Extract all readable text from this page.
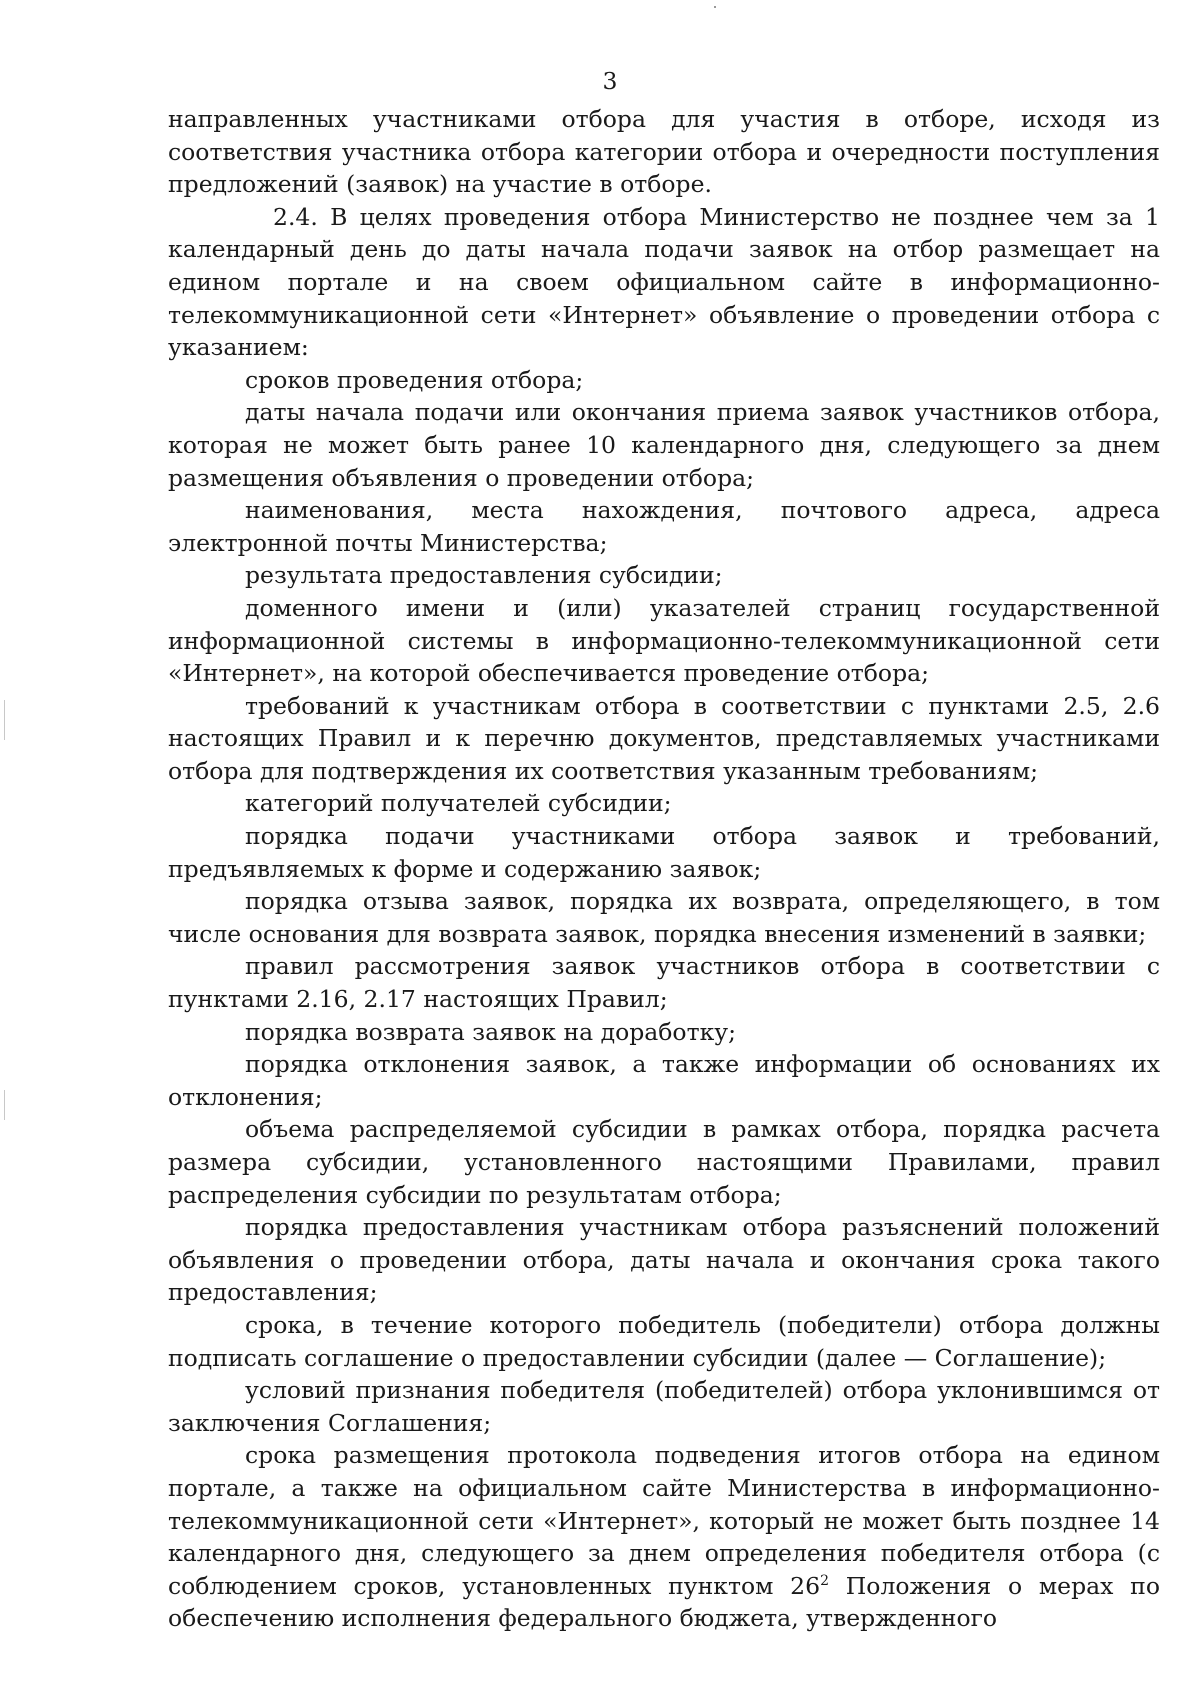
3

направленных участниками отбора для участия в отборе, исходя из соответствия участника отбора категории отбора и очередности поступления предложений (заявок) на участие в отборе.

2.4. В целях проведения отбора Министерство не позднее чем за 1 календарный день до даты начала подачи заявок на отбор размещает на едином портале и на своем официальном сайте в информационно-телекоммуникационной сети «Интернет» объявление о проведении отбора с указанием:

сроков проведения отбора;

даты начала подачи или окончания приема заявок участников отбора, которая не может быть ранее 10 календарного дня, следующего за днем размещения объявления о проведении отбора;

наименования, места нахождения, почтового адреса, адреса электронной почты Министерства;

результата предоставления субсидии;

доменного имени и (или) указателей страниц государственной информационной системы в информационно-телекоммуникационной сети «Интернет», на которой обеспечивается проведение отбора;

требований к участникам отбора в соответствии с пунктами 2.5, 2.6 настоящих Правил и к перечню документов, представляемых участниками отбора для подтверждения их соответствия указанным требованиям;

категорий получателей субсидии;

порядка подачи участниками отбора заявок и требований, предъявляемых к форме и содержанию заявок;

порядка отзыва заявок, порядка их возврата, определяющего, в том числе основания для возврата заявок, порядка внесения изменений в заявки;

правил рассмотрения заявок участников отбора в соответствии с пунктами 2.16, 2.17 настоящих Правил;

порядка возврата заявок на доработку;

порядка отклонения заявок, а также информации об основаниях их отклонения;

объема распределяемой субсидии в рамках отбора, порядка расчета размера субсидии, установленного настоящими Правилами, правил распределения субсидии по результатам отбора;

порядка предоставления участникам отбора разъяснений положений объявления о проведении отбора, даты начала и окончания срока такого предоставления;

срока, в течение которого победитель (победители) отбора должны подписать соглашение о предоставлении субсидии (далее — Соглашение);

условий признания победителя (победителей) отбора уклонившимся от заключения Соглашения;

срока размещения протокола подведения итогов отбора на едином портале, а также на официальном сайте Министерства в информационно-телекоммуникационной сети «Интернет», который не может быть позднее 14 календарного дня, следующего за днем определения победителя отбора (с соблюдением сроков, установленных пунктом $26^2$ Положения о мерах по обеспечению исполнения федерального бюджета, утвержденного
